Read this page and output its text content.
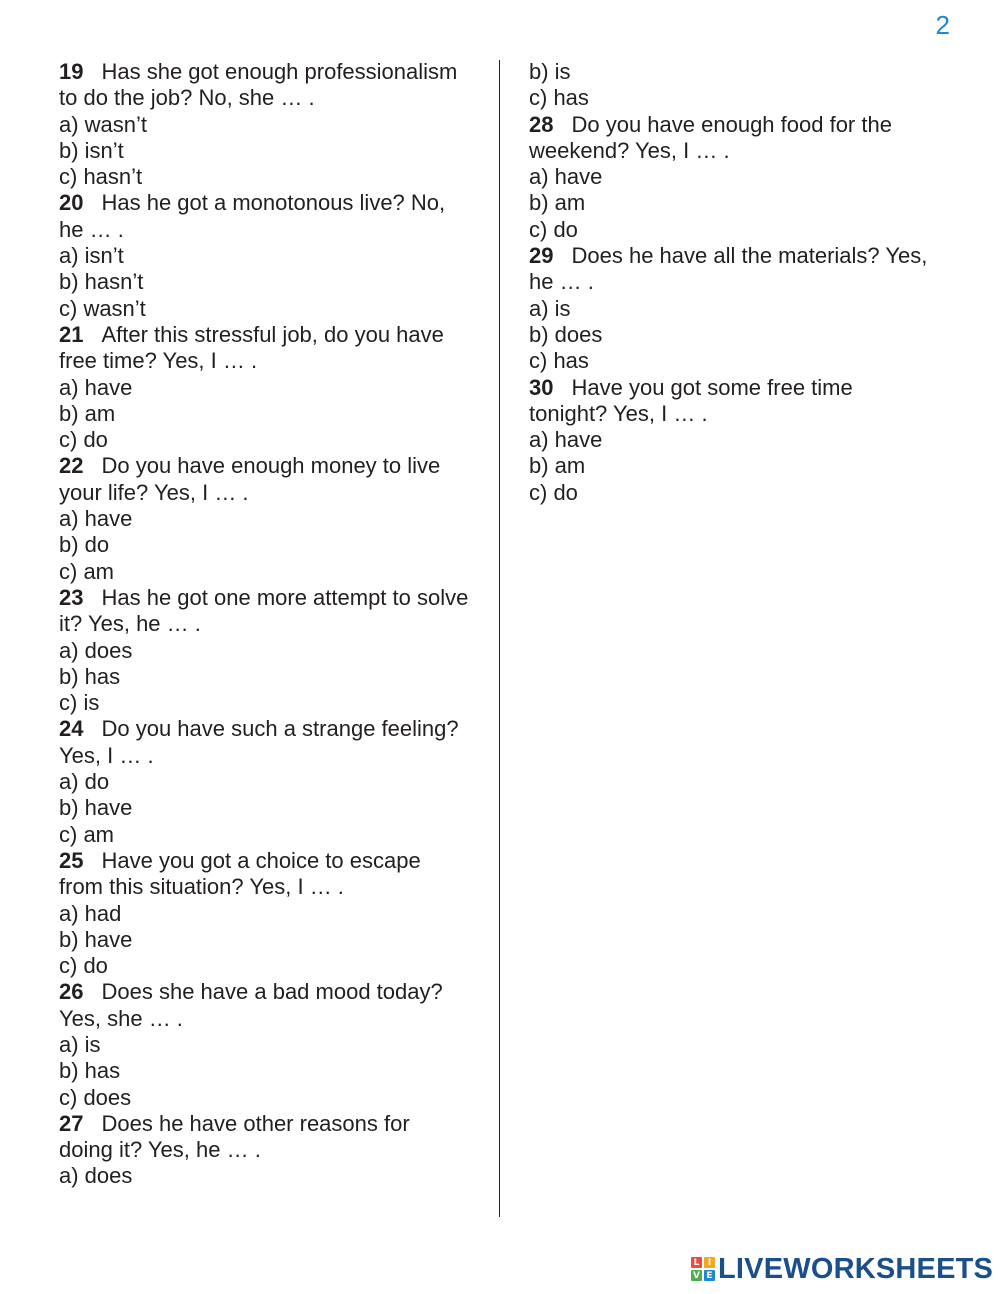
2
19 Has she got enough professionalism to do the job? No, she … .
a) wasn’t
b) isn’t
c) hasn’t
20 Has he got a monotonous live? No, he … .
a) isn’t
b) hasn’t
c) wasn’t
21 After this stressful job, do you have free time? Yes, I … .
a) have
b) am
c) do
22 Do you have enough money to live your life? Yes, I … .
a) have
b) do
c) am
23 Has he got one more attempt to solve it? Yes, he … .
a) does
b) has
c) is
24 Do you have such a strange feeling? Yes, I … .
a) do
b) have
c) am
25 Have you got a choice to escape from this situation? Yes, I … .
a) had
b) have
c) do
26 Does she have a bad mood today? Yes, she … .
a) is
b) has
c) does
27 Does he have other reasons for doing it? Yes, he … .
a) does
b) is
c) has
28 Do you have enough food for the weekend? Yes, I … .
a) have
b) am
c) do
29 Does he have all the materials? Yes, he … .
a) is
b) does
c) has
30 Have you got some free time tonight? Yes, I … .
a) have
b) am
c) do
L I
V E LIVEWORKSHEETS
